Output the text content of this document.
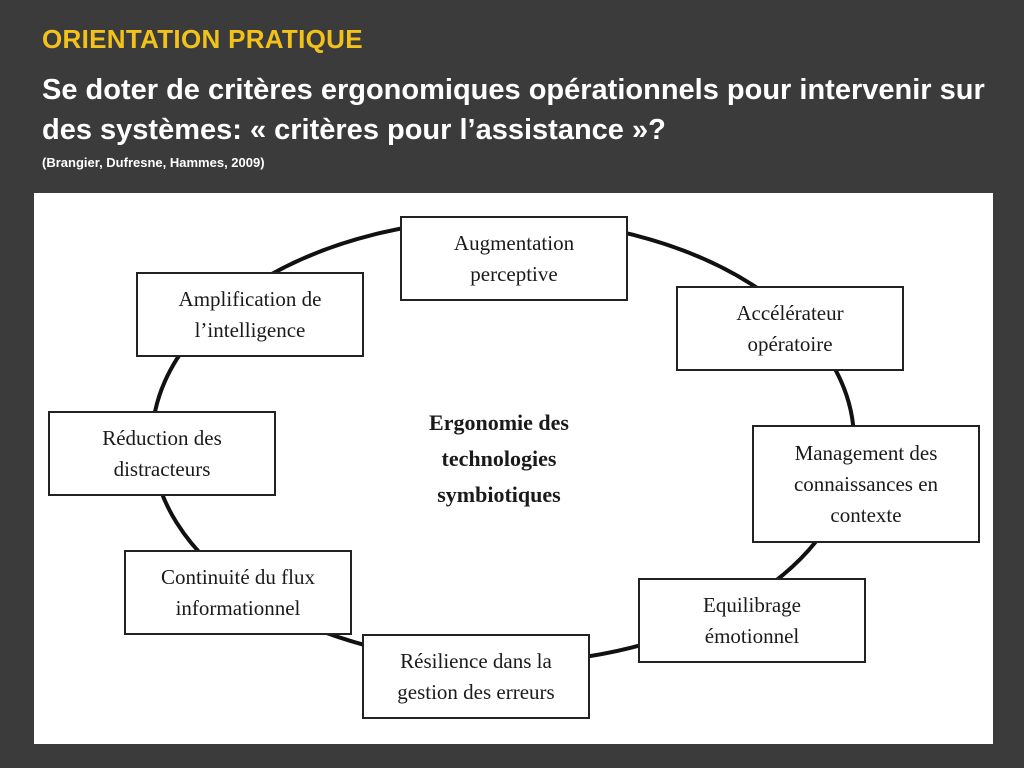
ORIENTATION PRATIQUE
Se doter de critères ergonomiques opérationnels pour intervenir sur des systèmes: « critères pour l’assistance »?
(Brangier, Dufresne, Hammes, 2009)
Ergonomie des
technologies
symbiotiques
Augmentation
perceptive
Accélérateur
opératoire
Management des
connaissances en
contexte
Equilibrage
émotionnel
Résilience dans la
gestion des erreurs
Continuité du flux
informationnel
Réduction des
distracteurs
Amplification de
l’intelligence
